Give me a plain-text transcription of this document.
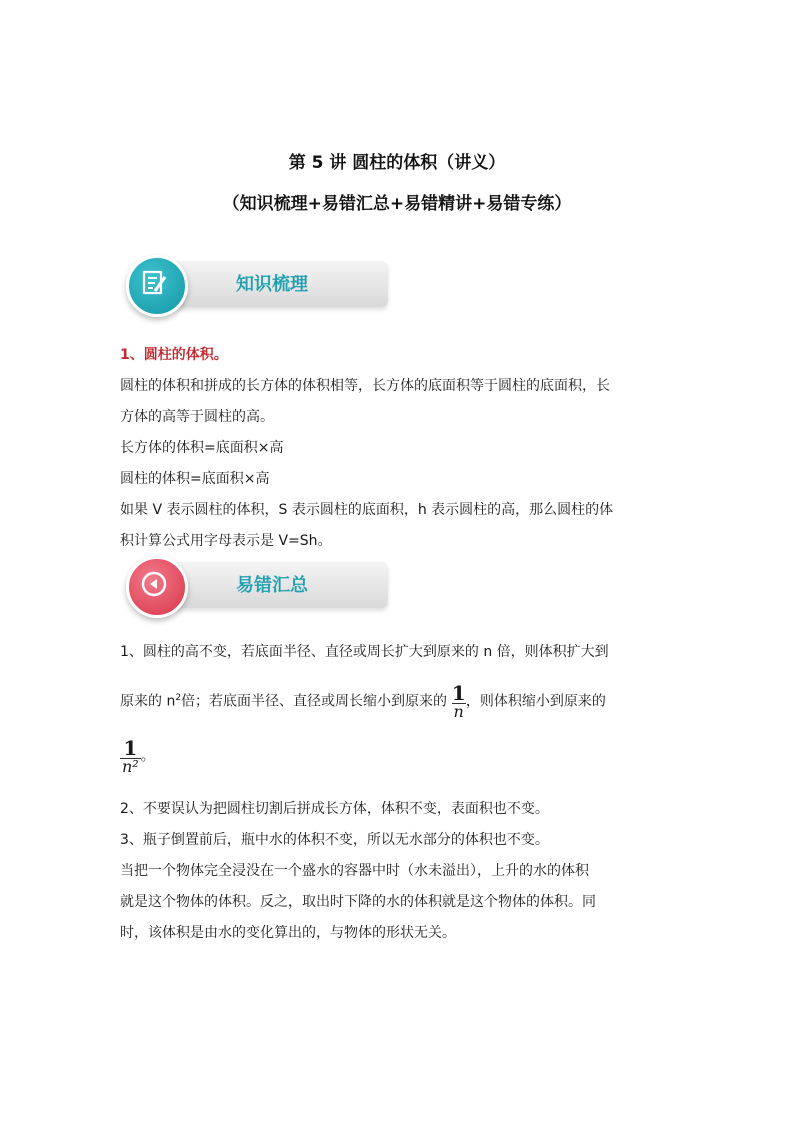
第 5 讲 圆柱的体积（讲义）
（知识梳理+易错汇总+易错精讲+易错专练）
知识梳理
1、圆柱的体积。
圆柱的体积和拼成的长方体的体积相等，长方体的底面积等于圆柱的底面积，长
方体的高等于圆柱的高。
长方体的体积=底面积×高
圆柱的体积=底面积×高
如果 V 表示圆柱的体积，S 表示圆柱的底面积，h 表示圆柱的高，那么圆柱的体
积计算公式用字母表示是 V=Sh。
易错汇总
1、圆柱的高不变，若底面半径、直径或周长扩大到原来的 n 倍，则体积扩大到
原来的 $n^2$倍；若底面半径、直径或周长缩小到原来的 $\frac{1}{n}$ ，则体积缩小到原来的
$\frac{1}{\text{n²}}$ 。
2、不要误认为把圆柱切割后拼成长方体，体积不变，表面积也不变。
3、瓶子倒置前后，瓶中水的体积不变，所以无水部分的体积也不变。
当把一个物体完全浸没在一个盛水的容器中时（水未溢出），上升的水的体积
就是这个物体的体积。反之，取出时下降的水的体积就是这个物体的体积。同
时，该体积是由水的变化算出的，与物体的形状无关。
